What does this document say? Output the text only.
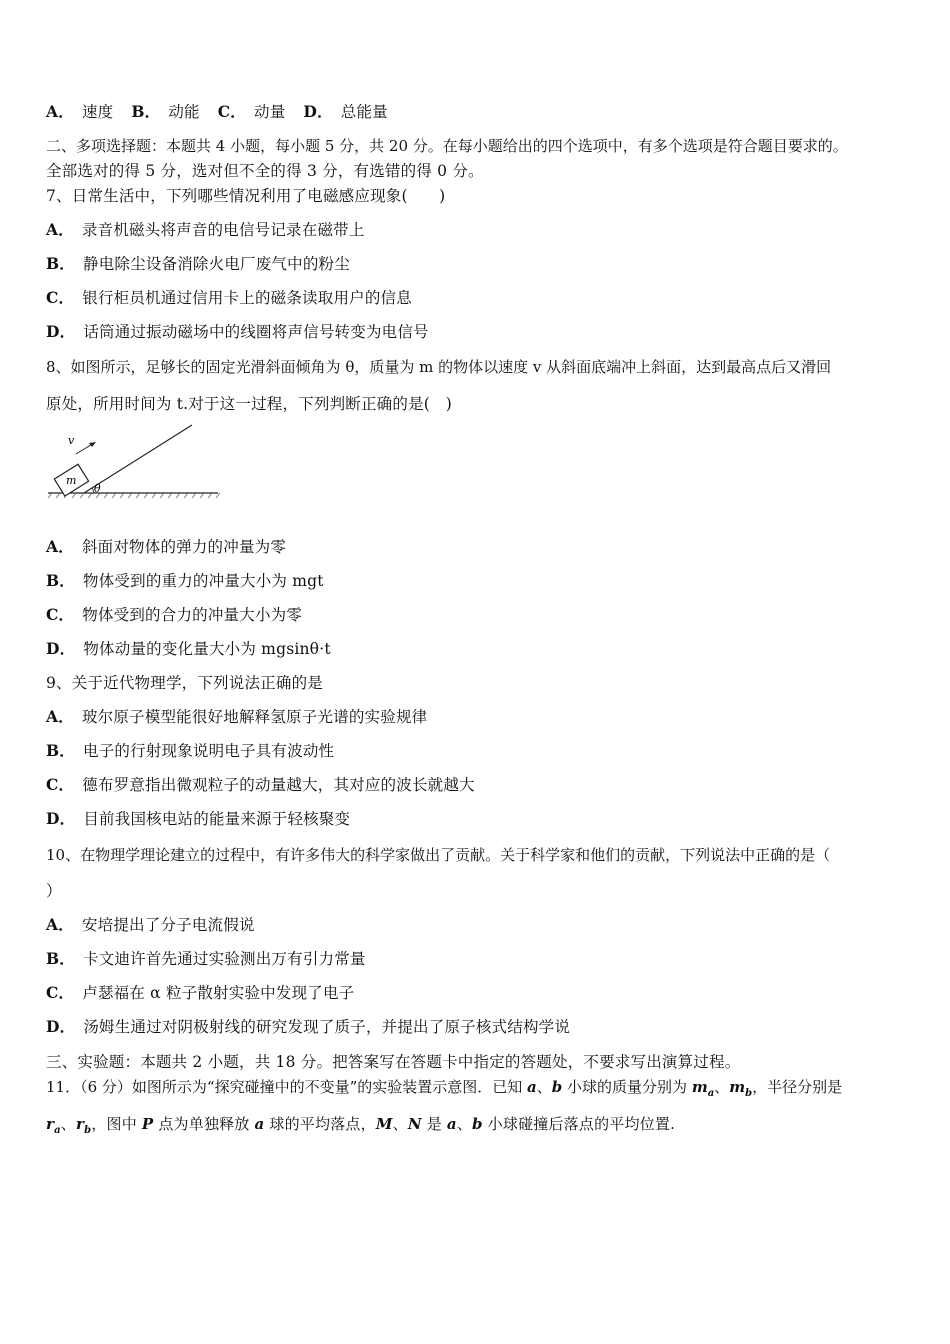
A． 速度 B． 动能 C． 动量 D． 总能量
二、多项选择题：本题共 4 小题，每小题 5 分，共 20 分。在每小题给出的四个选项中，有多个选项是符合题目要求的。
全部选对的得 5 分，选对但不全的得 3 分，有选错的得 0 分。
7、日常生活中，下列哪些情况利用了电磁感应现象(　　)
A． 录音机磁头将声音的电信号记录在磁带上
B． 静电除尘设备消除火电厂废气中的粉尘
C． 银行柜员机通过信用卡上的磁条读取用户的信息
D． 话筒通过振动磁场中的线圈将声信号转变为电信号
8、如图所示，足够长的固定光滑斜面倾角为 θ，质量为 m 的物体以速度 v 从斜面底端冲上斜面，达到最高点后又滑回
原处，所用时间为 t.对于这一过程，下列判断正确的是(　)
m
θ
v
A． 斜面对物体的弹力的冲量为零
B． 物体受到的重力的冲量大小为 mgt
C． 物体受到的合力的冲量大小为零
D． 物体动量的变化量大小为 mgsinθ·t
9、关于近代物理学，下列说法正确的是
A． 玻尔原子模型能很好地解释氢原子光谱的实验规律
B． 电子的行射现象说明电子具有波动性
C． 德布罗意指出微观粒子的动量越大，其对应的波长就越大
D． 目前我国核电站的能量来源于轻核聚变
10、在物理学理论建立的过程中，有许多伟大的科学家做出了贡献。关于科学家和他们的贡献，下列说法中正确的是（
）
A． 安培提出了分子电流假说
B． 卡文迪许首先通过实验测出万有引力常量
C． 卢瑟福在 α 粒子散射实验中发现了电子
D． 汤姆生通过对阴极射线的研究发现了质子，并提出了原子核式结构学说
三、实验题：本题共 2 小题，共 18 分。把答案写在答题卡中指定的答题处，不要求写出演算过程。
11．（6 分）如图所示为“探究碰撞中的不变量”的实验装置示意图．已知 a、b 小球的质量分别为 $m_a$、$m_b$，半径分别是
$r_a$、$r_b$，图中 P 点为单独释放 a 球的平均落点，M、N 是 a、b 小球碰撞后落点的平均位置.
